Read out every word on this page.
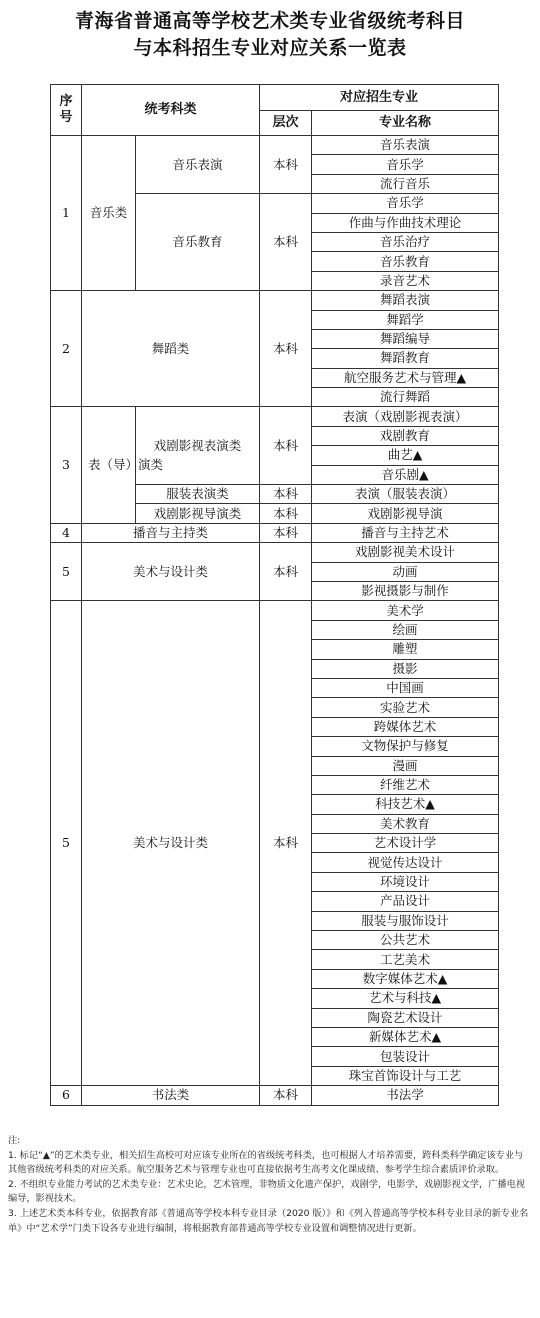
青海省普通高等学校艺术类专业省级统考科目
与本科招生专业对应关系一览表
序号	统考科类		对应招生专业	
			层次	专业名称
1	音乐类	音乐表演	本科	音乐表演
				音乐学
				流行音乐
		音乐教育	本科	音乐学
				作曲与作曲技术理论
				音乐治疗
				音乐教育
				录音艺术
2	舞蹈类		本科	舞蹈表演
				舞蹈学
				舞蹈编导
				舞蹈教育
				航空服务艺术与管理▲
				流行舞蹈
3	表（导）演类	戏剧影视表演类	本科	表演（戏剧影视表演）
				戏剧教育
				曲艺▲
				音乐剧▲
		服装表演类	本科	表演（服装表演）
		戏剧影视导演类	本科	戏剧影视导演
4	播音与主持类		本科	播音与主持艺术
5	美术与设计类		本科	戏剧影视美术设计
				动画
				影视摄影与制作
5	美术与设计类		本科	美术学
				绘画
				雕塑
				摄影
				中国画
				实验艺术
				跨媒体艺术
				文物保护与修复
				漫画
				纤维艺术
				科技艺术▲
				美术教育
				艺术设计学
				视觉传达设计
				环境设计
				产品设计
				服装与服饰设计
				公共艺术
				工艺美术
				数字媒体艺术▲
				艺术与科技▲
				陶瓷艺术设计
				新媒体艺术▲
				包装设计
				珠宝首饰设计与工艺
6	书法类		本科	书法学

注:

1. 标记“▲”的艺术类专业，相关招生高校可对应该专业所在的省级统考科类，也可根据人才培养需要，跨科类科学确定该专业与其他省级统考科类的对应关系。航空服务艺术与管理专业也可直接依据考生高考文化课成绩、参考学生综合素质评价录取。

2. 不组织专业能力考试的艺术类专业：艺术史论，艺术管理，非物质文化遗产保护，戏剧学，电影学，戏剧影视文学，广播电视编导，影视技术。

3. 上述艺术类本科专业，依据教育部《普通高等学校本科专业目录（2020 版）》和《列入普通高等学校本科专业目录的新专业名单》中“艺术学”门类下设各专业进行编制，将根据教育部普通高等学校专业设置和调整情况进行更新。
